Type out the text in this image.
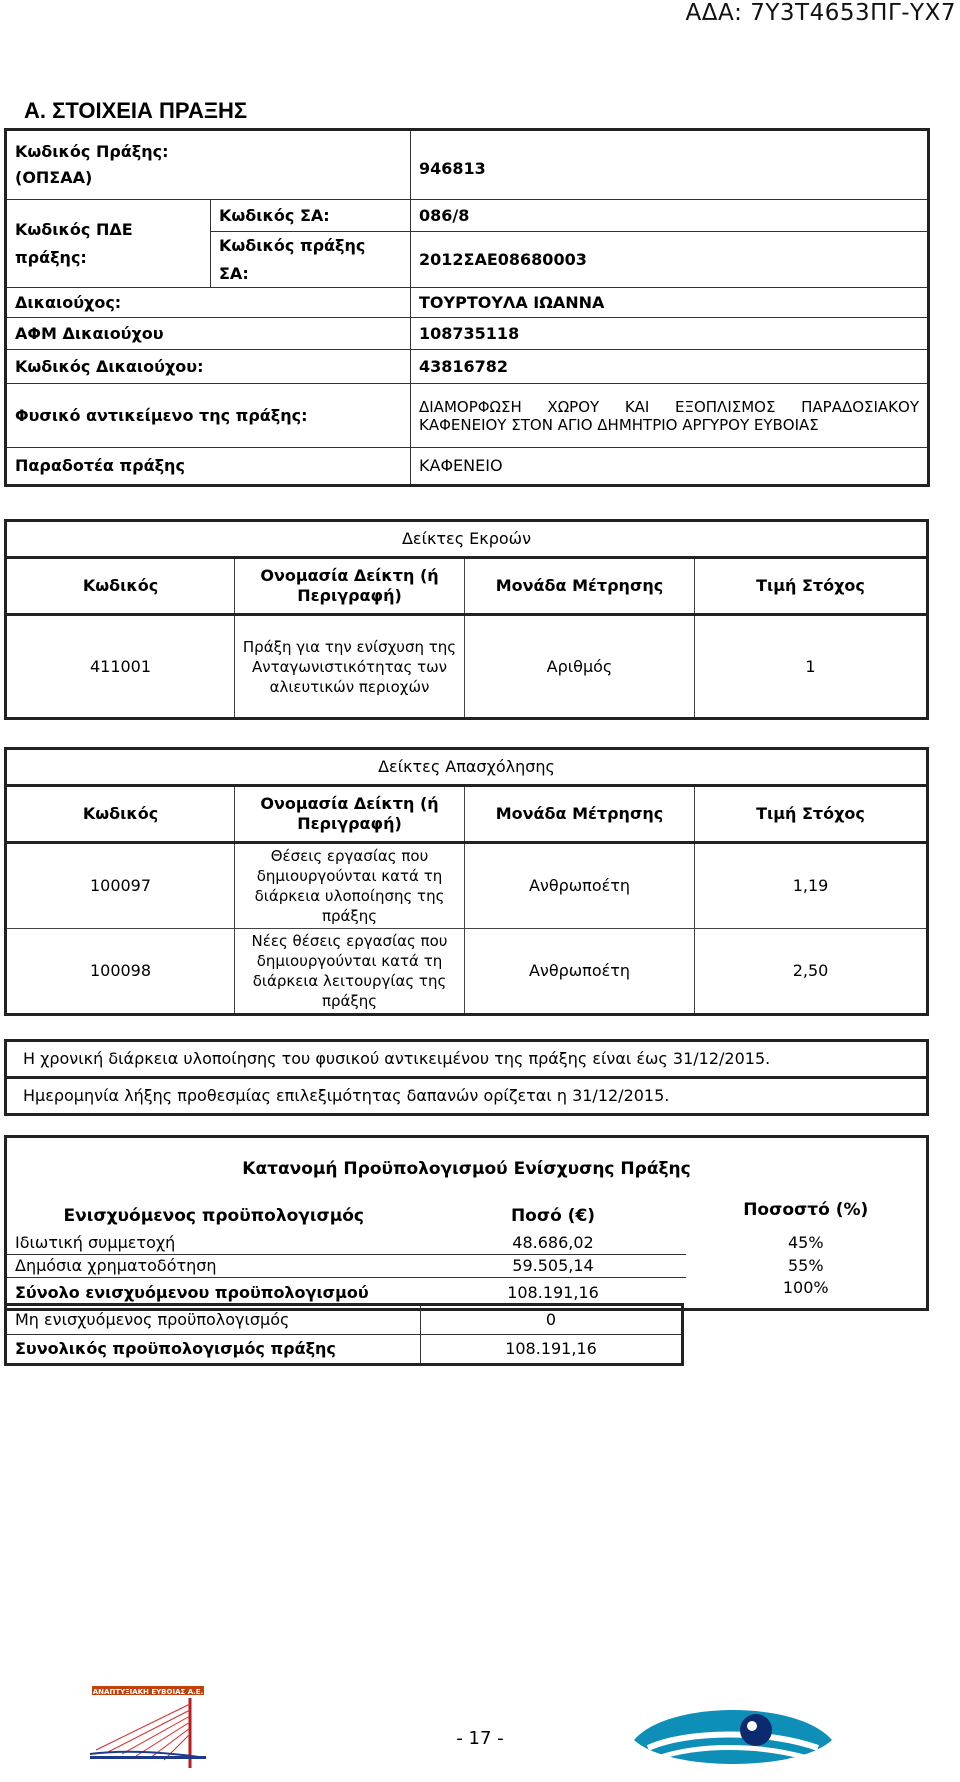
ΑΔΑ: 7Υ3Τ4653ΠΓ-ΥΧ7
A. ΣΤΟΙΧΕΙΑ ΠΡΑΞΗΣ
Κωδικός Πράξης:
(ΟΠΣΑΑ)		946813

Κωδικός ΠΔΕ
πράξης:	Κωδικός ΣΑ:	086/8

	Κωδικός πράξης
ΣΑ:	2012ΣΑΕ08680003
Δικαιούχος:		ΤΟΥΡΤΟΥΛΑ ΙΩΑΝΝΑ
ΑΦΜ Δικαιούχου		108735118
Κωδικός Δικαιούχου:		43816782
Φυσικό αντικείμενο της πράξης:		ΔΙΑΜΟΡΦΩΣΗ ΧΩΡΟΥ ΚΑΙ ΕΞΟΠΛΙΣΜΟΣ ΠΑΡΑΔΟΣΙΑΚΟΥ ΚΑΦΕΝΕΙΟΥ ΣΤΟΝ ΑΓΙΟ ΔΗΜΗΤΡΙΟ ΑΡΓΥΡΟΥ ΕΥΒΟΙΑΣ
Παραδοτέα πράξης		ΚΑΦΕΝΕΙΟ
Δείκτες Εκροών			
Κωδικός	Ονομασία Δείκτη (ή Περιγραφή)	Μονάδα Μέτρησης	Τιμή Στόχος
411001	Πράξη για την ενίσχυση της Ανταγωνιστικότητας των αλιευτικών περιοχών	Αριθμός	1
Δείκτες Απασχόλησης			
Κωδικός	Ονομασία Δείκτη (ή Περιγραφή)	Μονάδα Μέτρησης	Τιμή Στόχος
100097	Θέσεις εργασίας που δημιουργούνται κατά τη διάρκεια υλοποίησης της πράξης	Ανθρωποέτη	1,19
100098	Νέες θέσεις εργασίας που δημιουργούνται κατά τη διάρκεια λειτουργίας της πράξης	Ανθρωποέτη	2,50
Η χρονική διάρκεια υλοποίησης του φυσικού αντικειμένου της πράξης είναι έως 31/12/2015.
Ημερομηνία λήξης προθεσμίας επιλεξιμότητας δαπανών ορίζεται η 31/12/2015.
Κατανομή Προϋπολογισμού Ενίσχυσης Πράξης		
Ενισχυόμενος προϋπολογισμός	Ποσό (€)	Ποσοστό (%)
Ιδιωτική συμμετοχή	48.686,02	45%
Δημόσια χρηματοδότηση	59.505,14	55%
Σύνολο ενισχυόμενου προϋπολογισμού	108.191,16	100%
Μη ενισχυόμενος προϋπολογισμός	0
Συνολικός προϋπολογισμός πράξης	108.191,16
ΑΝΑΠΤΥΞΙΑΚΗ ΕΥΒΟΙΑΣ Α.Ε.
- 17 -
